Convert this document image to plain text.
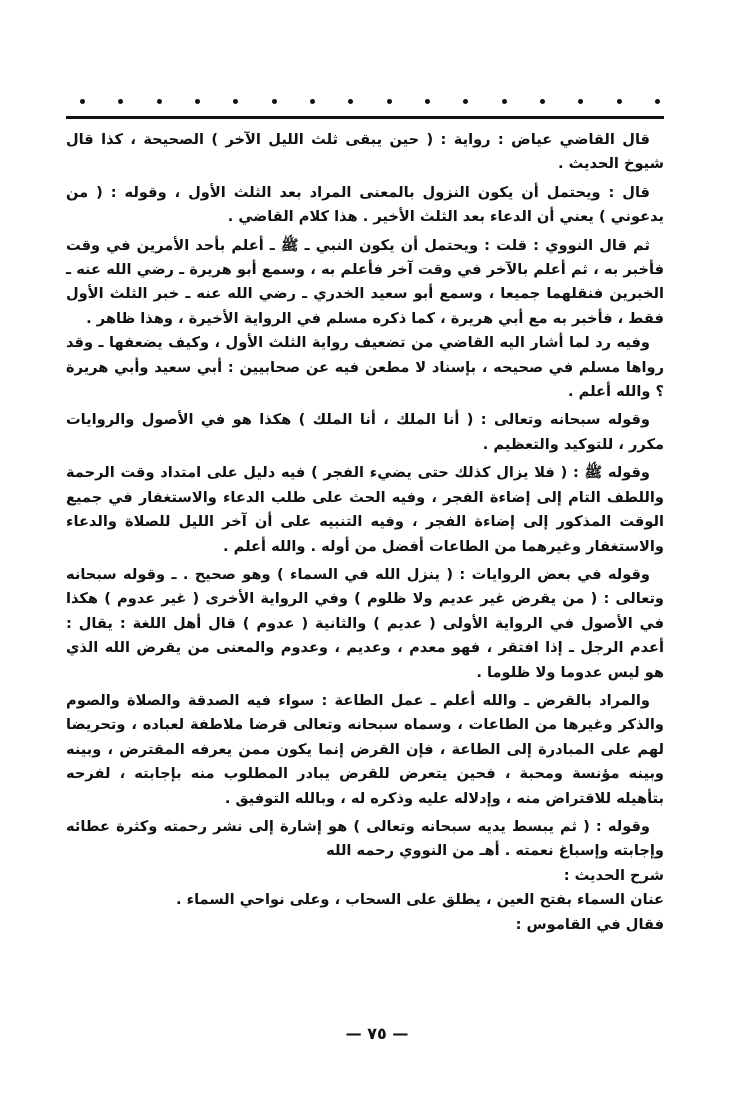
قال القاضي عياض : رواية : ( حين يبقى ثلث الليل الآخر ) الصحيحة ، كذا قال شيوخ الحديث .

قال : ويحتمل أن يكون النزول بالمعنى المراد بعد الثلث الأول ، وقوله : ( من يدعوني ) يعني أن الدعاء بعد الثلث الأخير . هذا كلام القاضي .

ثم قال النووي : قلت : ويحتمل أن يكون النبي ـ ﷺ ـ أعلم بأحد الأمرين في وقت فأخبر به ، ثم أعلم بالآخر في وقت آخر فأعلم به ، وسمع أبو هريرة ـ رضي الله عنه ـ الخبرين فنقلهما جميعا ، وسمع أبو سعيد الخدري ـ رضي الله عنه ـ خبر الثلث الأول فقط ، فأخبر به مع أبي هريرة ، كما ذكره مسلم في الرواية الأخيرة ، وهذا ظاهر .

وفيه رد لما أشار اليه القاضي من تضعيف رواية الثلث الأول ، وكيف يضعفها ـ وقد رواها مسلم في صحيحه ، بإسناد لا مطعن فيه عن صحابيين : أبي سعيد وأبي هريرة ؟ والله أعلم .

وقوله سبحانه وتعالى : ( أنا الملك ، أنا الملك ) هكذا هو في الأصول والروايات مكرر ، للتوكيد والتعظيم .

وقوله ﷺ : ( فلا يزال كذلك حتى يضيء الفجر ) فيه دليل على امتداد وقت الرحمة واللطف التام إلى إضاءة الفجر ، وفيه الحث على طلب الدعاء والاستغفار في جميع الوقت المذكور إلى إضاءة الفجر ، وفيه التنبيه على أن آخر الليل للصلاة والدعاء والاستغفار وغيرهما من الطاعات أفضل من أوله . والله أعلم .

وقوله في بعض الروايات : ( ينزل الله في السماء ) وهو صحيح . ـ وقوله سبحانه وتعالى : ( من يقرض غير عديم ولا ظلوم ) وفي الرواية الأخرى ( غير عدوم ) هكذا في الأصول في الرواية الأولى ( عديم ) والثانية ( عدوم ) قال أهل اللغة : يقال : أعدم الرجل ـ إذا افتقر ، فهو معدم ، وعديم ، وعدوم والمعنى من يقرض الله الذي هو ليس عدوما ولا ظلوما .

والمراد بالقرض ـ والله أعلم ـ عمل الطاعة : سواء فيه الصدقة والصلاة والصوم والذكر وغيرها من الطاعات ، وسماه سبحانه وتعالى قرضا ملاطفة لعباده ، وتحريضا لهم على المبادرة إلى الطاعة ، فإن القرض إنما يكون ممن يعرفه المقترض ، وبينه وبينه مؤنسة ومحبة ، فحين يتعرض للقرض يبادر المطلوب منه بإجابته ، لفرحه بتأهيله للاقتراض منه ، وإدلاله عليه وذكره له ، وبالله التوفيق .

وقوله : ( ثم يبسط يديه سبحانه وتعالى ) هو إشارة إلى نشر رحمته وكثرة عطائه وإجابته وإسباغ نعمته . أهـ من النووي رحمه الله

شرح الحديث :

عنان السماء بفتح العين ، يطلق على السحاب ، وعلى نواحي السماء .

فقال في القاموس :

— ٧٥ —
